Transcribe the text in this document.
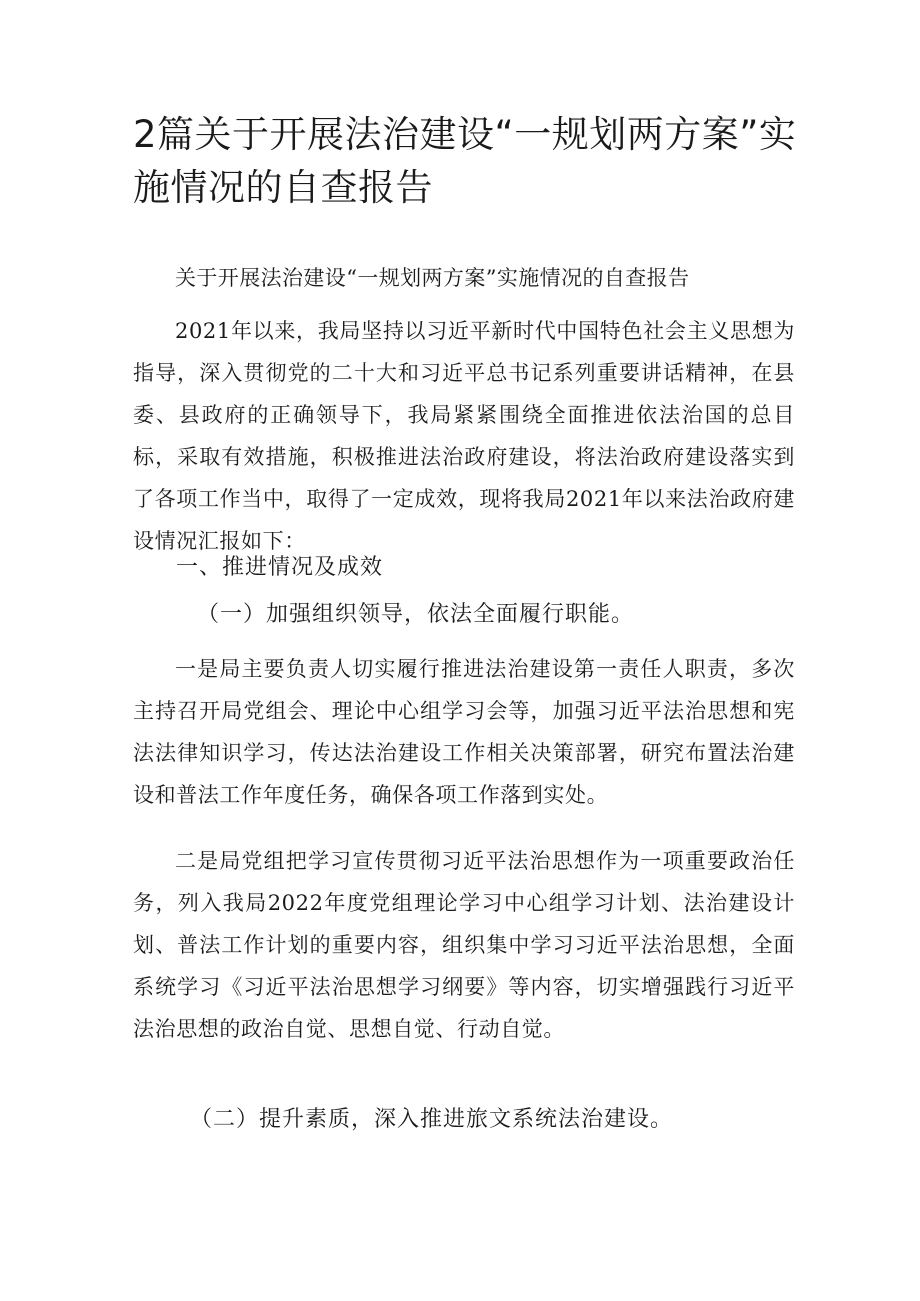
2篇关于开展法治建设“一规划两方案”实施情况的自查报告

关于开展法治建设“一规划两方案”实施情况的自查报告

2021年以来，我局坚持以习近平新时代中国特色社会主义思想为指导，深入贯彻党的二十大和习近平总书记系列重要讲话精神，在县委、县政府的正确领导下，我局紧紧围绕全面推进依法治国的总目标，采取有效措施，积极推进法治政府建设，将法治政府建设落实到了各项工作当中，取得了一定成效，现将我局2021年以来法治政府建设情况汇报如下：

一、推进情况及成效
（一）加强组织领导，依法全面履行职能。

一是局主要负责人切实履行推进法治建设第一责任人职责，多次主持召开局党组会、理论中心组学习会等，加强习近平法治思想和宪法法律知识学习，传达法治建设工作相关决策部署，研究布置法治建设和普法工作年度任务，确保各项工作落到实处。

二是局党组把学习宣传贯彻习近平法治思想作为一项重要政治任务，列入我局2022年度党组理论学习中心组学习计划、法治建设计划、普法工作计划的重要内容，组织集中学习习近平法治思想，全面系统学习《习近平法治思想学习纲要》等内容，切实增强践行习近平法治思想的政治自觉、思想自觉、行动自觉。

（二）提升素质，深入推进旅文系统法治建设。
